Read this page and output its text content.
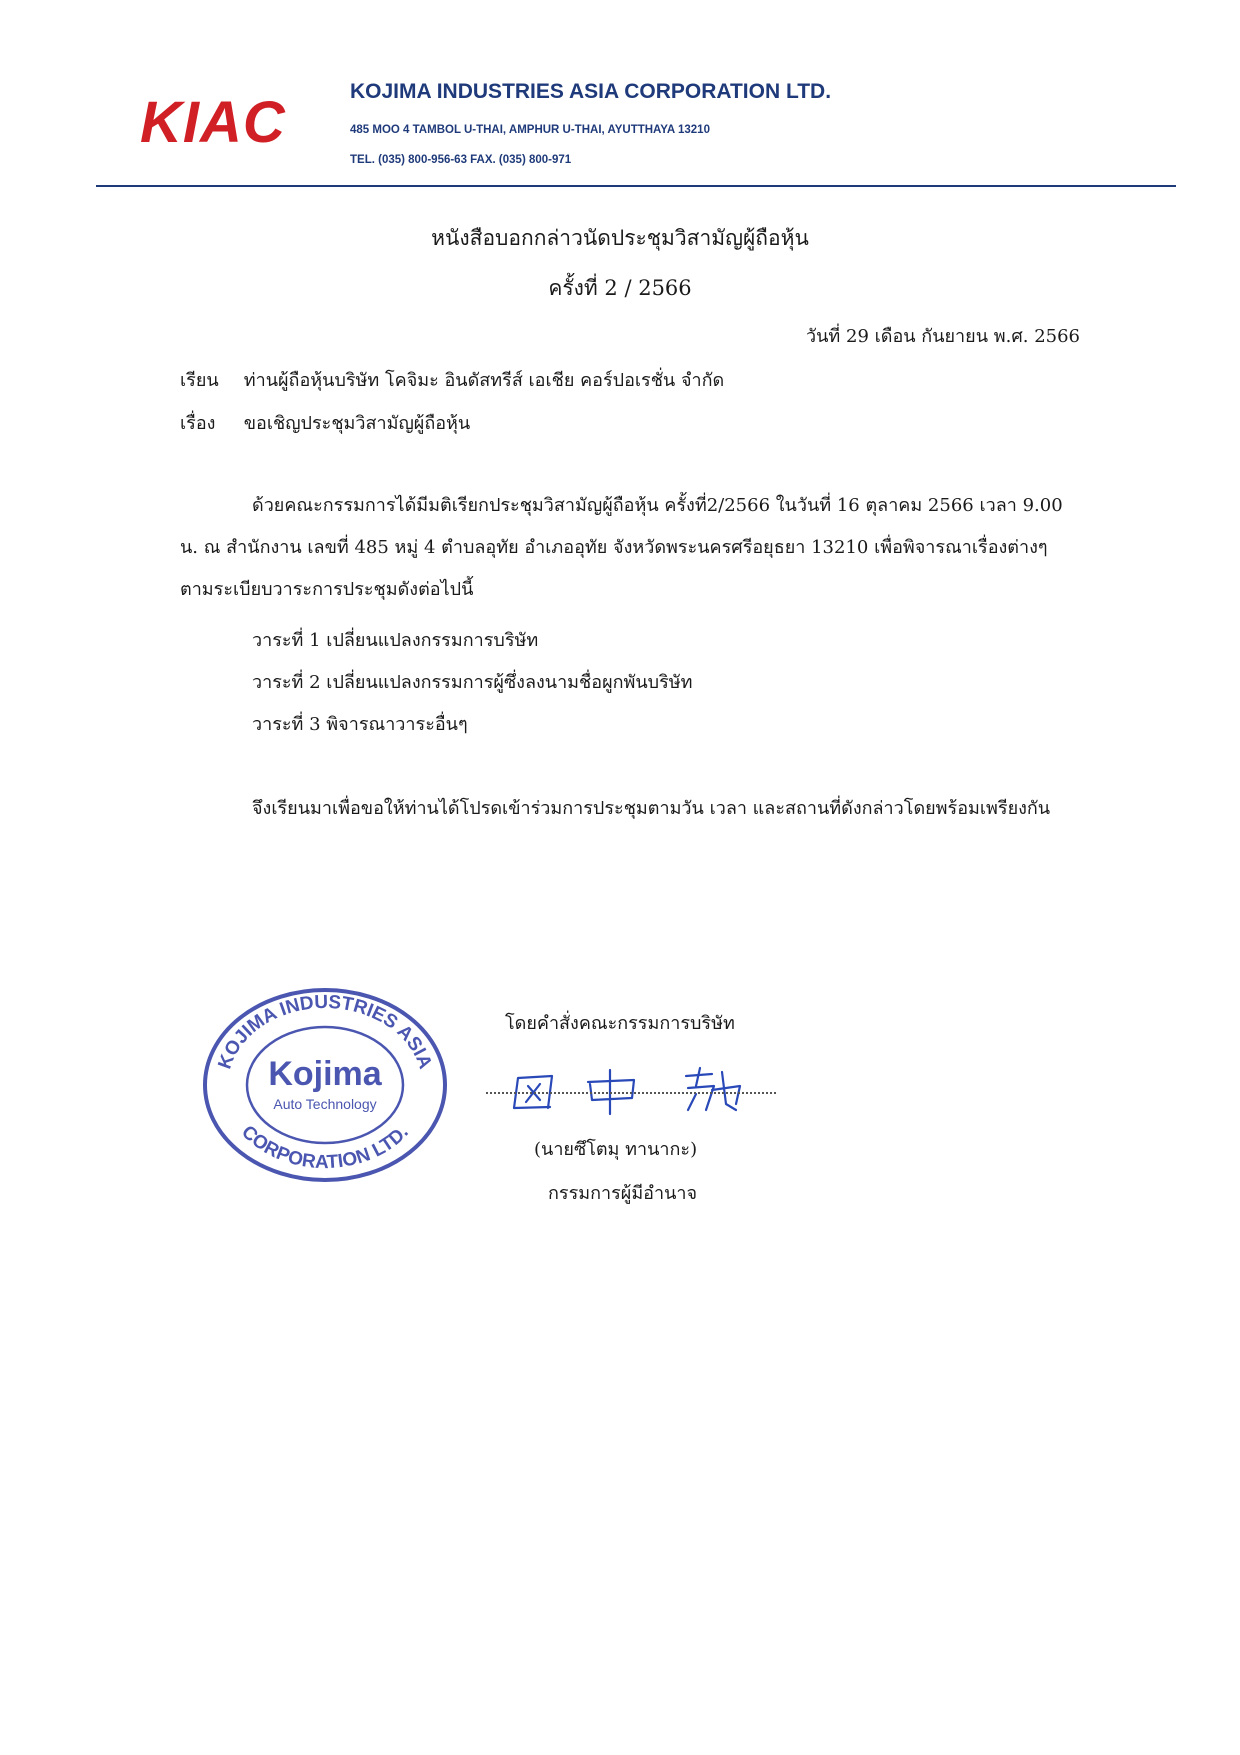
KIAC	KOJIMA INDUSTRIES ASIA CORPORATION LTD.
485 MOO 4 TAMBOL U-THAI, AMPHUR U-THAI, AYUTTHAYA 13210
TEL. (035) 800-956-63 FAX. (035) 800-971
หนังสือบอกกล่าวนัดประชุมวิสามัญผู้ถือหุ้น
ครั้งที่ 2 / 2566
วันที่ 29 เดือน กันยายน พ.ศ. 2566
เรียน ท่านผู้ถือหุ้นบริษัท โคจิมะ อินดัสทรีส์ เอเชีย คอร์ปอเรชั่น จำกัด
เรื่อง ขอเชิญประชุมวิสามัญผู้ถือหุ้น

ด้วยคณะกรรมการได้มีมติเรียกประชุมวิสามัญผู้ถือหุ้น ครั้งที่2/2566 ในวันที่ 16 ตุลาคม 2566 เวลา 9.00 น. ณ สำนักงาน เลขที่ 485 หมู่ 4 ตำบลอุทัย อำเภออุทัย จังหวัดพระนครศรีอยุธยา 13210 เพื่อพิจารณาเรื่องต่างๆตามระเบียบวาระการประชุมดังต่อไปนี้

วาระที่ 1 เปลี่ยนแปลงกรรมการบริษัท
วาระที่ 2 เปลี่ยนแปลงกรรมการผู้ซึ่งลงนามชื่อผูกพันบริษัท
วาระที่ 3 พิจารณาวาระอื่นๆ

จึงเรียนมาเพื่อขอให้ท่านได้โปรดเข้าร่วมการประชุมตามวัน เวลา และสถานที่ดังกล่าวโดยพร้อมเพรียงกัน

KOJIMA INDUSTRIES ASIA
CORPORATION LTD.
Kojima
Auto Technology
โดยคำสั่งคณะกรรมการบริษัท
(นายซึโตมุ ทานากะ)
กรรมการผู้มีอำนาจ
